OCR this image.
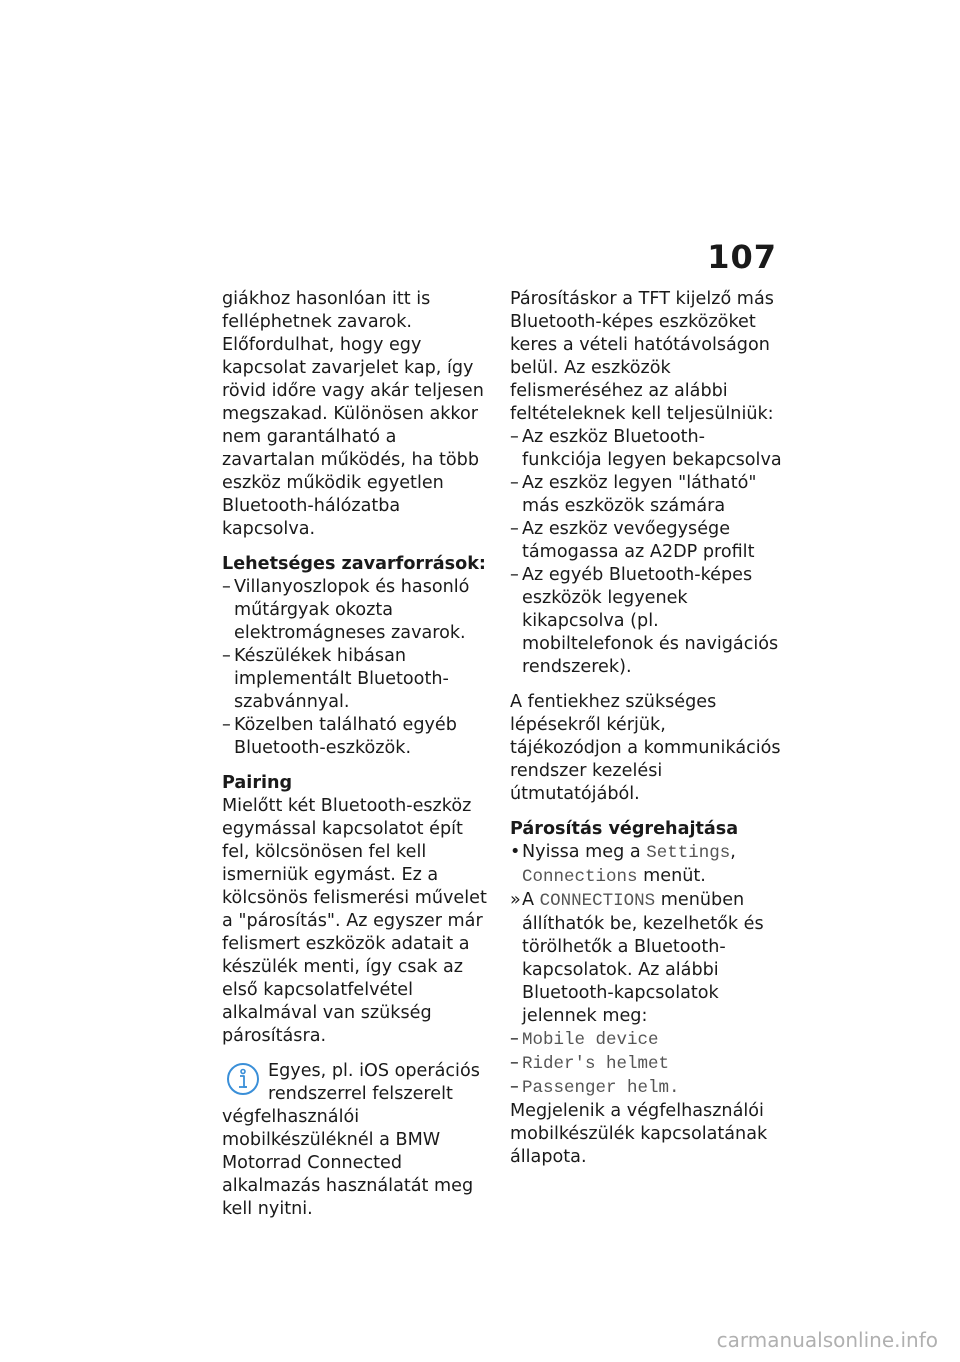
107

giákhoz hasonlóan itt is felléphetnek zavarok. Előfordulhat, hogy egy kapcsolat zavarjelet kap, így rövid időre vagy akár teljesen megszakad. Különösen akkor nem garantálható a zavartalan működés, ha több eszköz működik egyetlen Bluetooth-hálózatba kapcsolva.

Lehetséges zavarforrások:

– Villanyoszlopok és hasonló műtárgyak okozta elektromágneses zavarok.
– Készülékek hibásan implementált Bluetooth-szabvánnyal.
– Közelben található egyéb Bluetooth-eszközök.

Pairing

Mielőtt két Bluetooth-eszköz egymással kapcsolatot épít fel, kölcsönösen fel kell ismerniük egymást. Ez a kölcsönös felismerési művelet a "párosítás". Az egyszer már felismert eszközök adatait a készülék menti, így csak az első kapcsolatfelvétel alkalmával van szükség párosításra.

Egyes, pl. iOS operációs rendszerrel felszerelt végfelhasználói mobilkészüléknél a BMW Motorrad Connected alkalmazás használatát meg kell nyitni.

Párosításkor a TFT kijelző más Bluetooth-képes eszközöket keres a vételi hatótávolságon belül. Az eszközök felismeréséhez az alábbi feltételeknek kell teljesülniük:

– Az eszköz Bluetooth-funkciója legyen bekapcsolva
– Az eszköz legyen "látható" más eszközök számára
– Az eszköz vevőegysége támogassa az A2DP profilt
– Az egyéb Bluetooth-képes eszközök legyenek kikapcsolva (pl. mobiltelefonok és navigációs rendszerek).

A fentiekhez szükséges lépésekről kérjük, tájékozódjon a kommunikációs rendszer kezelési útmutatójából.

Párosítás végrehajtása

• Nyissa meg a Settings, Connections menüt.
» A CONNECTIONS menüben állíthatók be, kezelhetők és törölhetők a Bluetooth-kapcsolatok. Az alábbi Bluetooth-kapcsolatok jelennek meg:
– Mobile device
– Rider's helmet
– Passenger helm.

Megjelenik a végfelhasználói mobilkészülék kapcsolatának állapota.

carmanualsonline.info
